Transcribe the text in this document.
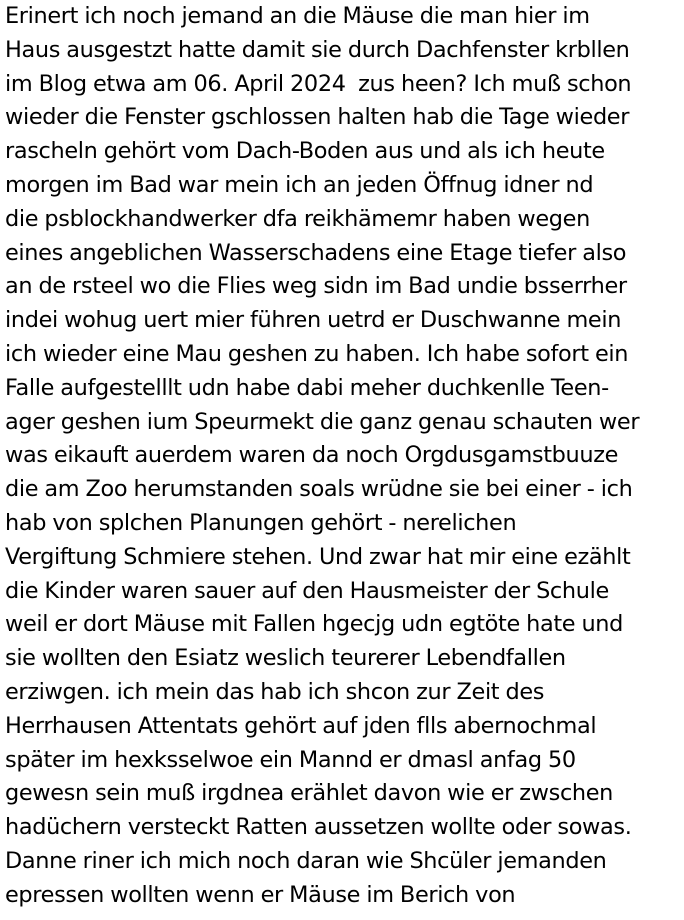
Erinert ich noch jemand an die Mäuse die man hier im
Haus ausgestzt hatte damit sie durch Dachfenster krbllen
im Blog etwa am 06. April 2024  zus heen? Ich muß schon
wieder die Fenster gschlossen halten hab die Tage wieder
rascheln gehört vom Dach-Boden aus und als ich heute
morgen im Bad war mein ich an jeden Öffnug idner nd
die psblockhandwerker dfa reikhämemr haben wegen
eines angeblichen Wasserschadens eine Etage tiefer also
an de rsteel wo die Flies weg sidn im Bad undie bsserrher
indei wohug uert mier führen uetrd er Duschwanne mein
ich wieder eine Mau geshen zu haben. Ich habe sofort ein
Falle aufgestelllt udn habe dabi meher duchkenlle Teen-
ager geshen ium Speurmekt die ganz genau schauten wer
was eikauft auerdem waren da noch Orgdusgamstbuuze
die am Zoo herumstanden soals wrüdne sie bei einer - ich
hab von splchen Planungen gehört - nerelichen
Vergiftung Schmiere stehen. Und zwar hat mir eine ezählt
die Kinder waren sauer auf den Hausmeister der Schule
weil er dort Mäuse mit Fallen hgecjg udn egtöte hate und
sie wollten den Esiatz weslich teurerer Lebendfallen
erziwgen. ich mein das hab ich shcon zur Zeit des
Herrhausen Attentats gehört auf jden flls abernochmal
später im hexksselwoe ein Mannd er dmasl anfag 50
gewesn sein muß irgdnea erählet davon wie er zwschen
hadüchern versteckt Ratten aussetzen wollte oder sowas.
Danne riner ich mich noch daran wie Shcüler jemanden
epressen wollten wenn er Mäuse im Berich von
